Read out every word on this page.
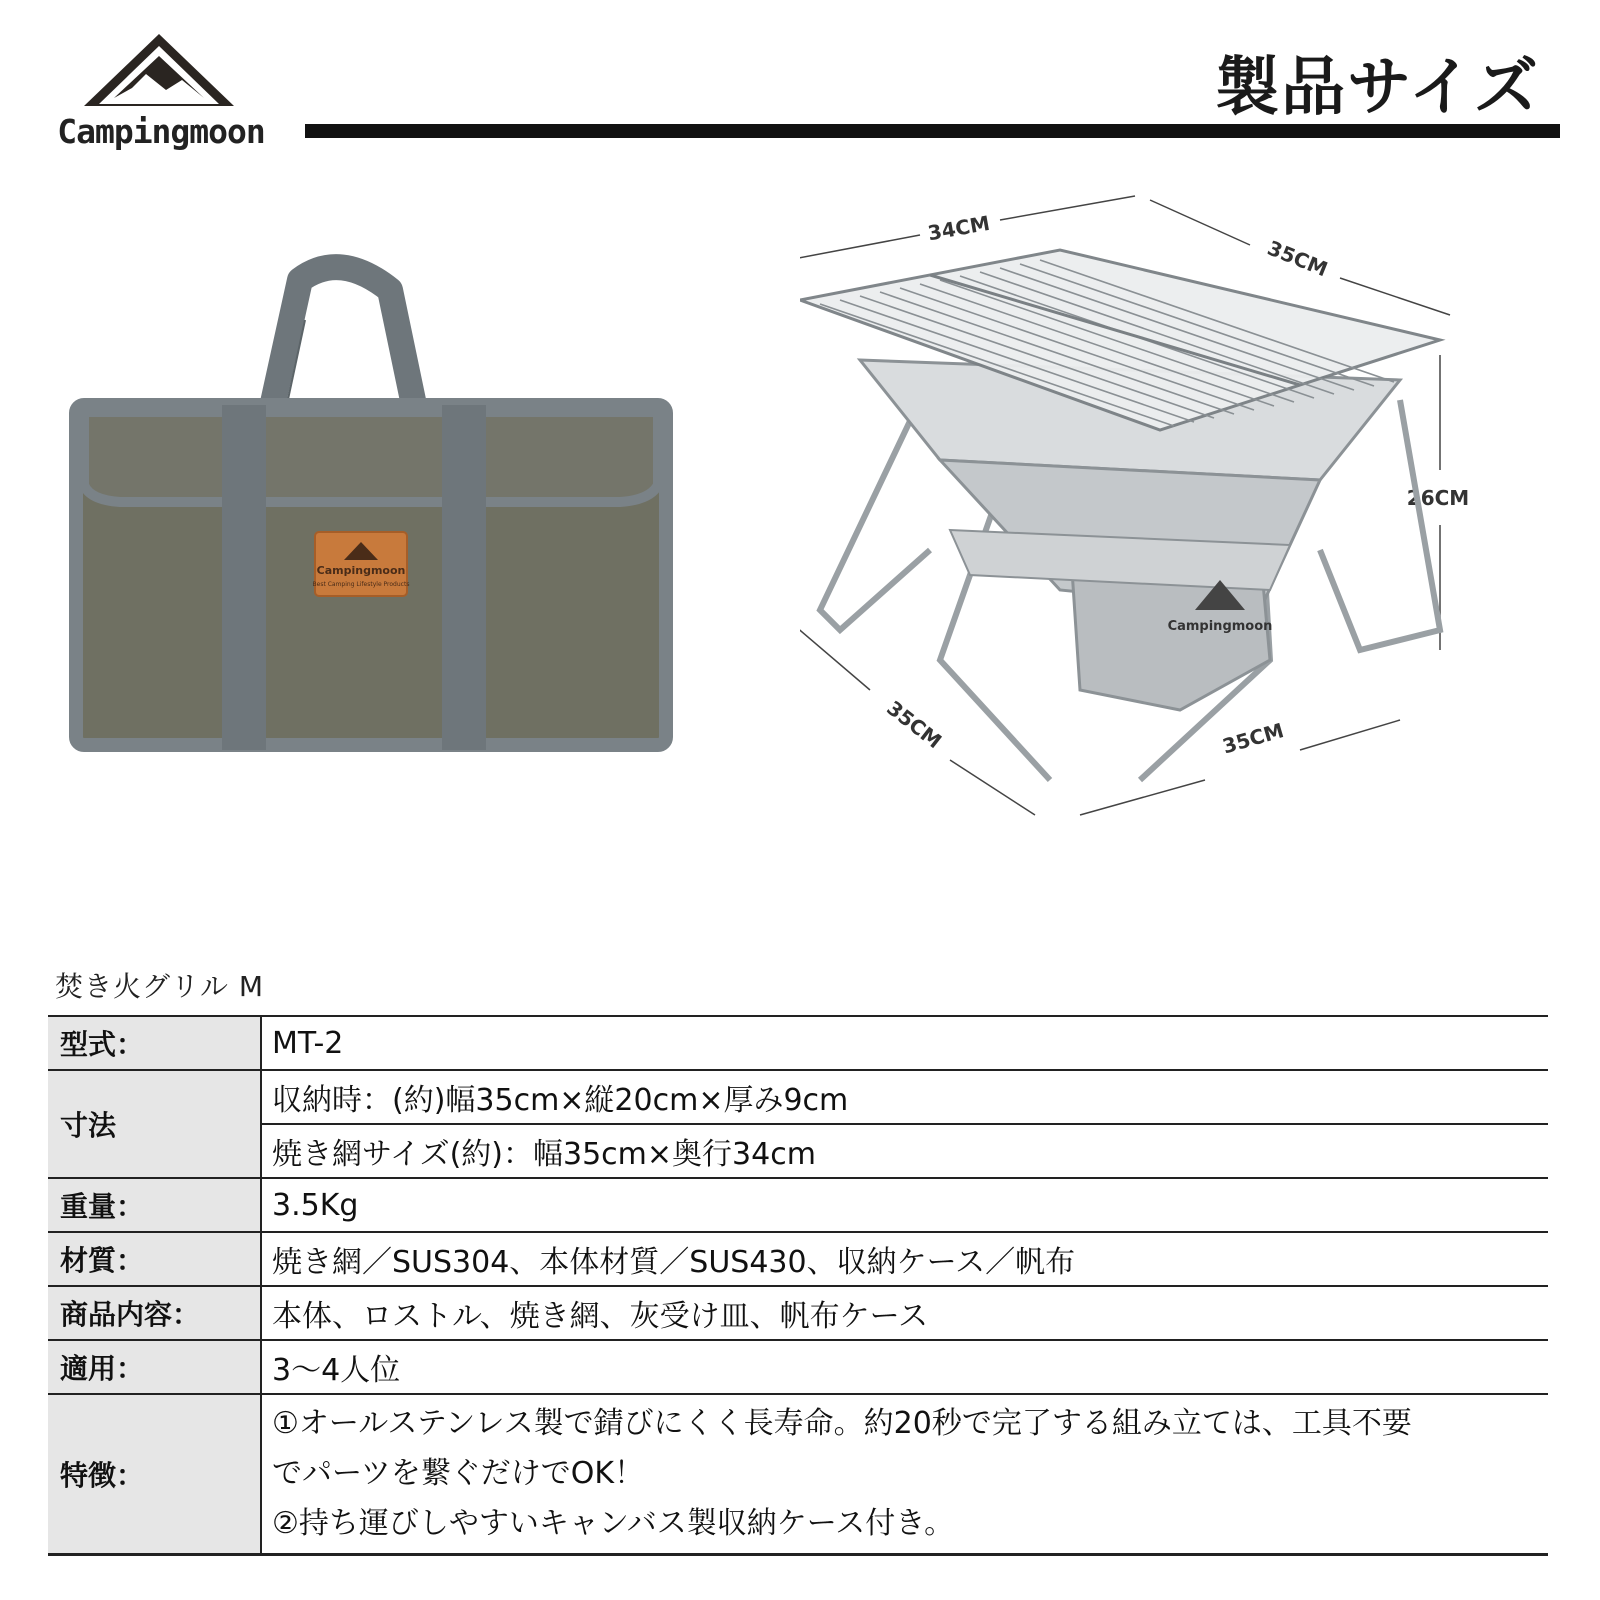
Campingmoon
製品サイズ
Campingmoon
Best Camping Lifestyle Products
34CM
35CM
26CM
35CM	35CM
Campingmoon
焚き火グリル M
型式：	MT-2
寸法	収納時：(約)幅35cm×縦20cm×厚み9cm
	焼き網サイズ(約)：幅35cm×奥行34cm
重量：	3.5Kg
材質：	焼き網／SUS304、本体材質／SUS430、収納ケース／帆布
商品内容：	本体、ロストル、焼き網、灰受け皿、帆布ケース
適用：	3～4人位
特徴：	①オールステンレス製で錆びにくく長寿命。約20秒で完了する組み立ては、工具不要
でパーツを繋ぐだけでOK！
②持ち運びしやすいキャンバス製収納ケース付き。
